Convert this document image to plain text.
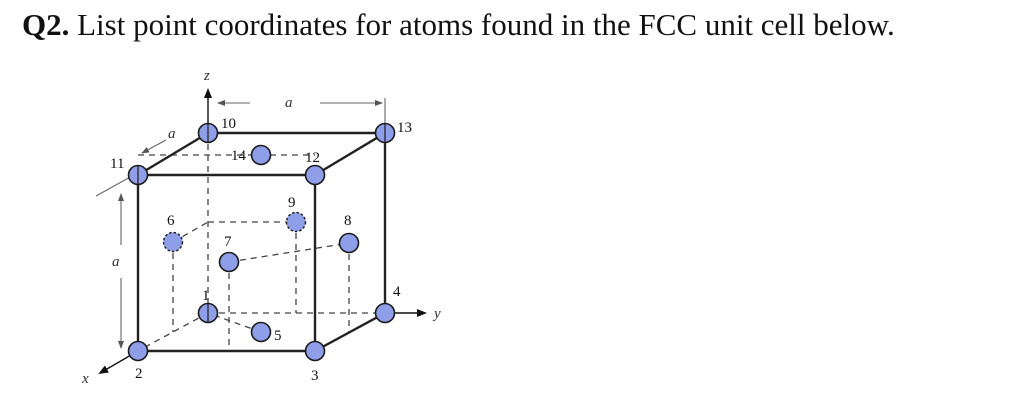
Q2. List point coordinates for atoms found in the FCC unit cell below.
z
y
x
a
a
a
1
2	3
4
5
6
7
8
9
10
11	12
13
14
